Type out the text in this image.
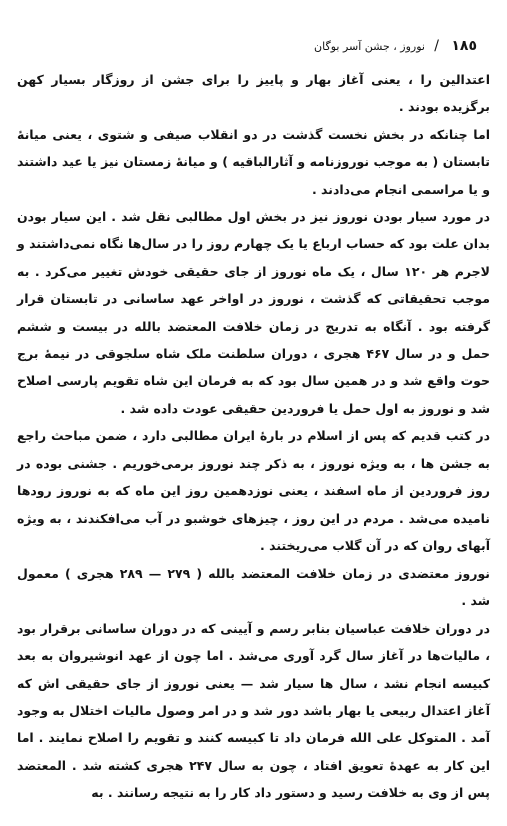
١٨٥
/
نوروز ، جشن آسر بوگان

اعتدالین را ، یعنی آغاز بهار و پاییز را برای جشن از روزگار بسیار کهن برگزیده بودند .

اما چنانکه در بخش نخست گذشت در دو انقلاب صیفی و شتوی ، یعنی میانهٔ تابستان ( به موجب نوروزنامه و آثارالباقیه ) و میانهٔ زمستان نیز یا عید داشتند و یا مراسمی انجام می‌دادند .

در مورد سیار بودن نوروز نیز در بخش اول مطالبی نقل شد . این سیار بودن بدان علت بود که حساب ارباع یا یک چهارم روز را در سال‌ها نگاه نمی‌داشتند و لاجرم هر ۱۲۰ سال ، یک ماه نوروز از جای حقیقی خودش تغییر می‌کرد . به موجب تحقیقاتی که گذشت ، نوروز در اواخر عهد ساسانی در تابستان قرار گرفته بود . آنگاه به تدریج در زمان خلافت المعتضد بالله در بیست و ششم حمل و در سال ۴۶۷ هجری ، دوران سلطنت ملک شاه سلجوقی در نیمهٔ برج حوت واقع شد و در همین سال بود که به فرمان این شاه تقویم پارسی اصلاح شد و نوروز به اول حمل یا فروردین حقیقی عودت داده شد .

در کتب قدیم که پس از اسلام در بارهٔ ایران مطالبی دارد ، ضمن مباحث راجع به جشن ها ، به ویژه نوروز ، به ذکر چند نوروز برمی‌خوریم . جشنی بوده در روز فروردین از ماه اسفند ، یعنی نوزدهمین روز این ماه که به نوروز رودها نامیده می‌شد . مردم در این روز ، چیزهای خوشبو در آب می‌افکندند ، به ویژه آبهای روان که در آن گلاب می‌ریختند .

نوروز معتضدی در زمان خلافت المعتضد بالله ( ۲۷۹ — ۲۸۹ هجری ) معمول شد .

در دوران خلافت عباسیان بنابر رسم و آیینی که در دوران ساسانی برقرار بود ، مالیات‌ها در آغاز سال گرد آوری می‌شد . اما چون از عهد انوشیروان به بعد کبیسه انجام نشد ، سال ها سیار شد — یعنی نوروز از جای حقیقی اش که آغاز اعتدال ربیعی یا بهار باشد دور شد و در امر وصول مالیات اختلال به وجود آمد . المتوکل علی الله فرمان داد تا کبیسه کنند و تقویم را اصلاح نمایند . اما این کار به عهدهٔ تعویق افتاد ، چون به سال ۲۴۷ هجری کشته شد . المعتضد پس از وی به خلافت رسید و دستور داد کار را به نتیجه رسانند . به
